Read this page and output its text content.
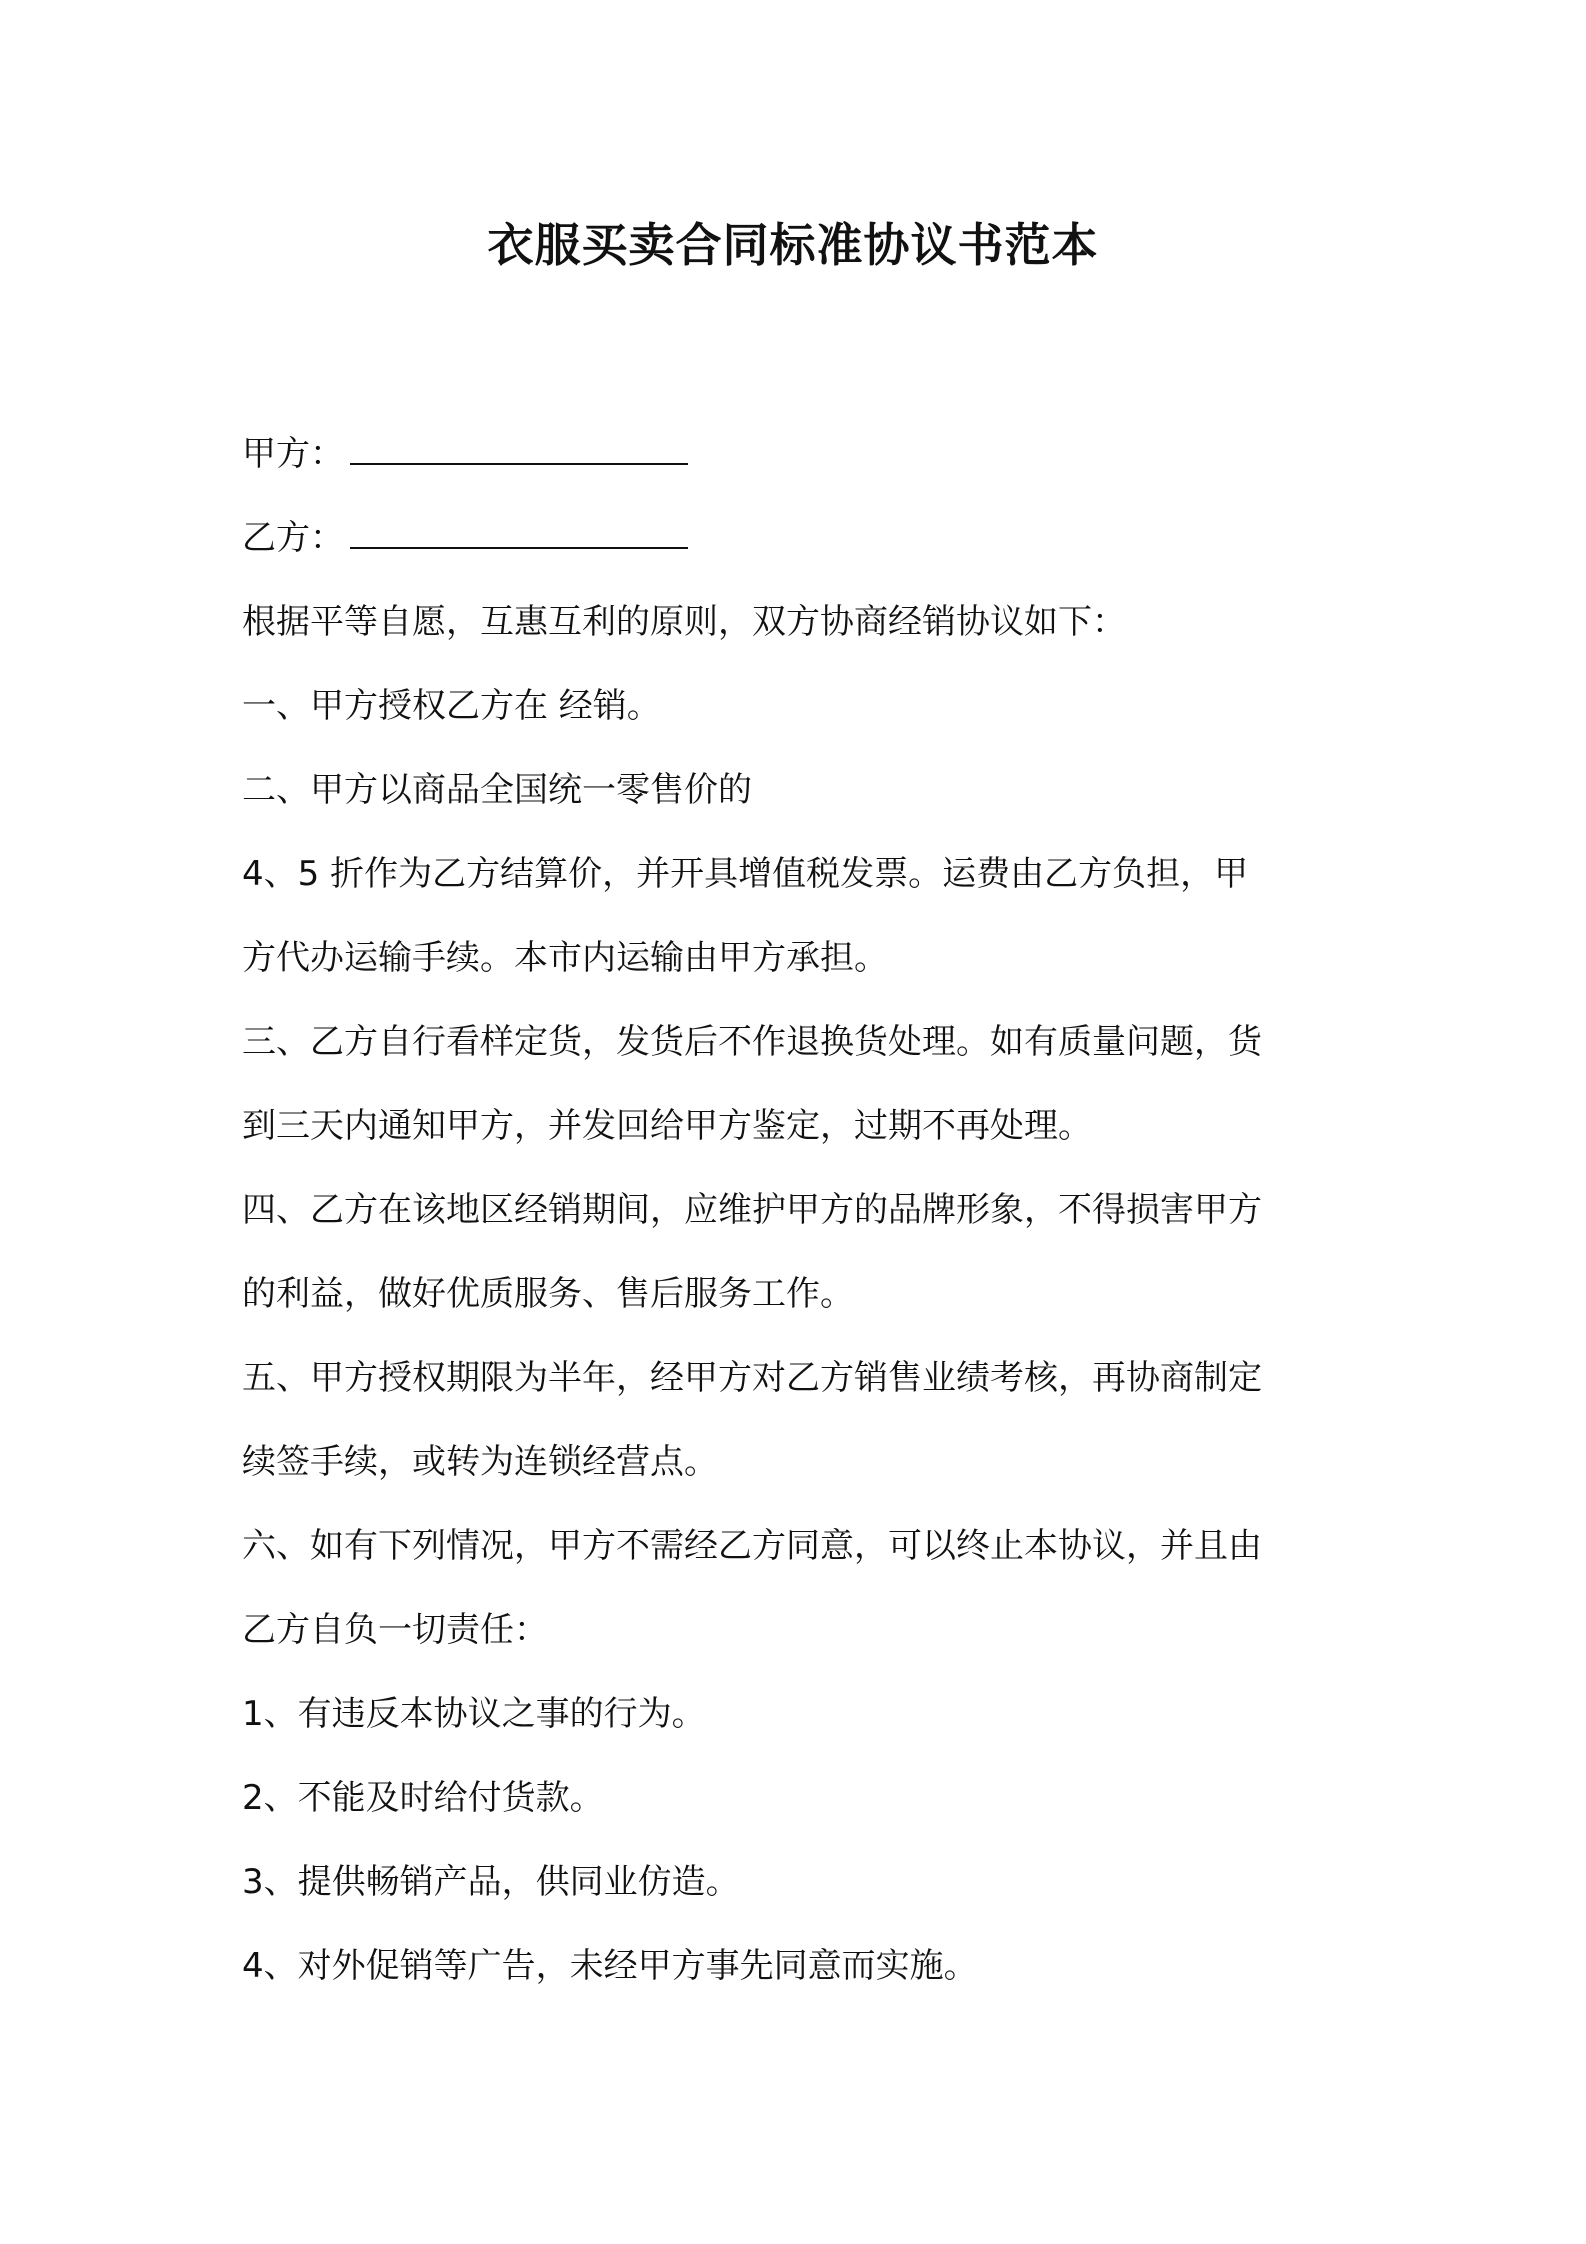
衣服买卖合同标准协议书范本

甲方：

乙方：

根据平等自愿，互惠互利的原则，双方协商经销协议如下：

一、甲方授权乙方在 经销。

二、甲方以商品全国统一零售价的

4、5 折作为乙方结算价，并开具增值税发票。运费由乙方负担，甲

方代办运输手续。本市内运输由甲方承担。

三、乙方自行看样定货，发货后不作退换货处理。如有质量问题，货

到三天内通知甲方，并发回给甲方鉴定，过期不再处理。

四、乙方在该地区经销期间，应维护甲方的品牌形象，不得损害甲方

的利益，做好优质服务、售后服务工作。

五、甲方授权期限为半年，经甲方对乙方销售业绩考核，再协商制定

续签手续，或转为连锁经营点。

六、如有下列情况，甲方不需经乙方同意，可以终止本协议，并且由

乙方自负一切责任：

1、有违反本协议之事的行为。

2、不能及时给付货款。

3、提供畅销产品，供同业仿造。

4、对外促销等广告，未经甲方事先同意而实施。
